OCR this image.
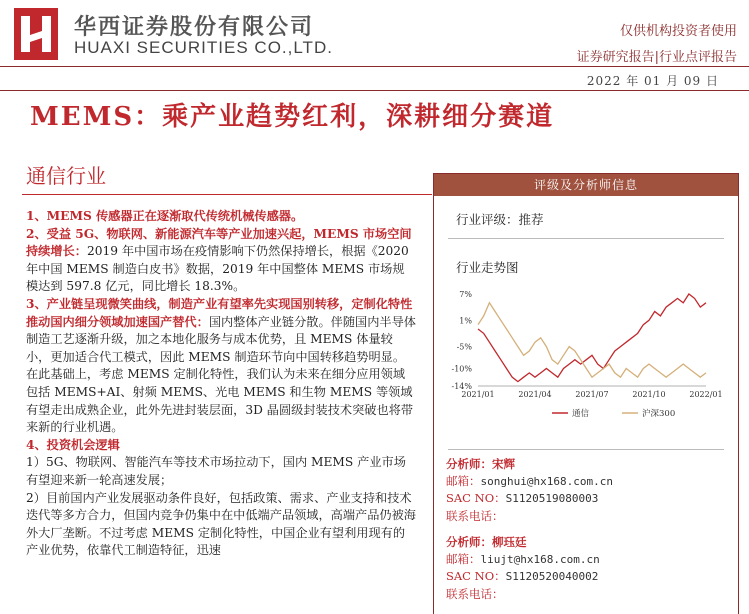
华西证券股份有限公司
HUAXI SECURITIES CO.,LTD.
仅供机构投资者使用
证券研究报告|行业点评报告
2022 年 01 月 09 日
MEMS：乘产业趋势红利，深耕细分赛道
通信行业

1、MEMS 传感器正在逐渐取代传统机械传感器。

2、受益 5G、物联网、新能源汽车等产业加速兴起，MEMS 市场空间持续增长：2019 年中国市场在疫情影响下仍然保持增长，根据《2020 年中国 MEMS 制造白皮书》数据，2019 年中国整体 MEMS 市场规模达到 597.8 亿元，同比增长 18.3%。

3、产业链呈现微笑曲线，制造产业有望率先实现国别转移，定制化特性推动国内细分领域加速国产替代：国内整体产业链分散。伴随国内半导体制造工艺逐渐升级，加之本地化服务与成本优势，且 MEMS 体量较小，更加适合代工模式，因此 MEMS 制造环节向中国转移趋势明显。在此基础上，考虑 MEMS 定制化特性，我们认为未来在细分应用领域包括 MEMS+AI、射频 MEMS、光电 MEMS 和生物 MEMS 等领域有望走出成熟企业，此外先进封装层面，3D 晶圆级封装技术突破也将带来新的行业机遇。

4、投资机会逻辑

1）5G、物联网、智能汽车等技术市场拉动下，国内 MEMS 产业市场有望迎来新一轮高速发展；

2）目前国内产业发展驱动条件良好，包括政策、需求、产业支持和技术迭代等多方合力，但国内竞争仍集中在中低端产品领域，高端产品仍被海外大厂垄断。不过考虑 MEMS 定制化特性，中国企业有望利用现有的产业优势，依靠代工制造特征，迅速

评级及分析师信息
行业评级：推荐
行业走势图
7%
1%
-5%
-10%
-14%
2021/01	2021/04	2021/07	2021/10	2022/01
通信	沪深300
分析师：宋辉
邮箱：songhui@hx168.com.cn
SAC NO：S1120519080003
联系电话：
分析师：柳珏廷
邮箱：liujt@hx168.com.cn
SAC NO：S1120520040002
联系电话：
